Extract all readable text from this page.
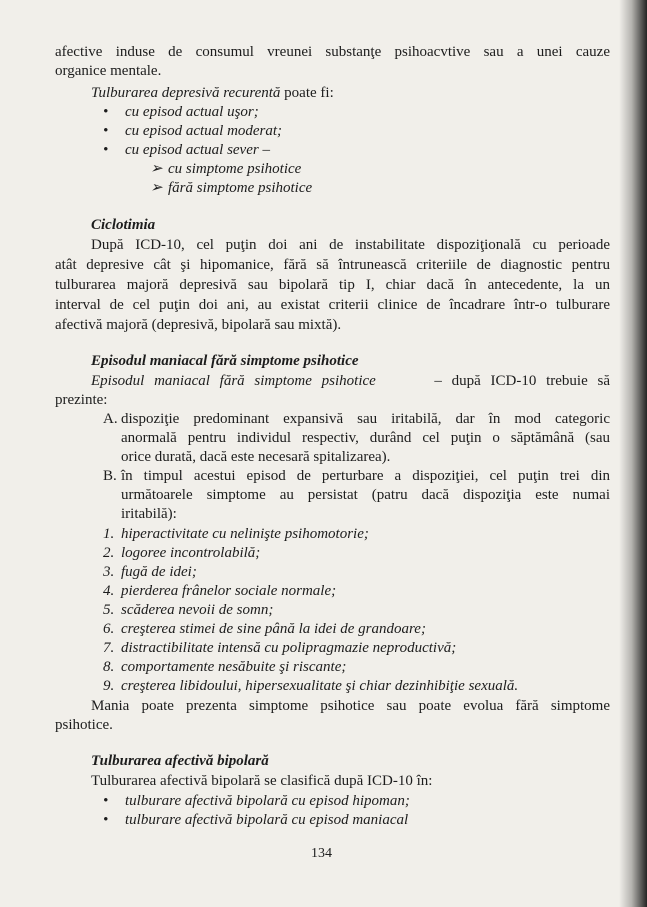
afective induse de consumul vreunei substanţe psihoacvtive sau a unei cauze
organice mentale.
Tulburarea depresivă recurentă poate fi:
• cu episod actual uşor;
• cu episod actual moderat;
• cu episod actual sever –
➢ cu simptome psihotice
➢ fără simptome psihotice
Ciclotimia
După ICD-10, cel puţin doi ani de instabilitate dispoziţională cu perioade
atât depresive cât şi hipomanice, fără să întrunească criteriile de diagnostic pentru
tulburarea majoră depresivă sau bipolară tip I, chiar dacă în antecedente, la un
interval de cel puţin doi ani, au existat criterii clinice de încadrare într-o tulburare
afectivă majoră (depresivă, bipolară sau mixtă).
Episodul maniacal fără simptome psihotice
Episodul maniacal fără simptome psihotice	– după ICD-10 trebuie să
prezinte:
A. dispoziţie predominant expansivă sau iritabilă, dar în mod categoric
anormală pentru individul respectiv, durând cel puţin o săptămână (sau
orice durată, dacă este necesară spitalizarea).
B. în timpul acestui episod de perturbare a dispoziţiei, cel puţin trei din
următoarele simptome au persistat (patru dacă dispoziţia este numai
iritabilă):
1. hiperactivitate cu nelinişte psihomotorie;
2. logoree incontrolabilă;
3. fugă de idei;
4. pierderea frânelor sociale normale;
5. scăderea nevoii de somn;
6. creşterea stimei de sine până la idei de grandoare;
7. distractibilitate intensă cu polipragmazie neproductivă;
8. comportamente nesăbuite şi riscante;
9. creşterea libidoului, hipersexualitate şi chiar dezinhibiţie sexuală.
Mania poate prezenta simptome psihotice sau poate evolua fără simptome
psihotice.
Tulburarea afectivă bipolară
Tulburarea afectivă bipolară se clasifică după ICD-10 în:
• tulburare afectivă bipolară cu episod hipoman;
• tulburare afectivă bipolară cu episod maniacal
134
